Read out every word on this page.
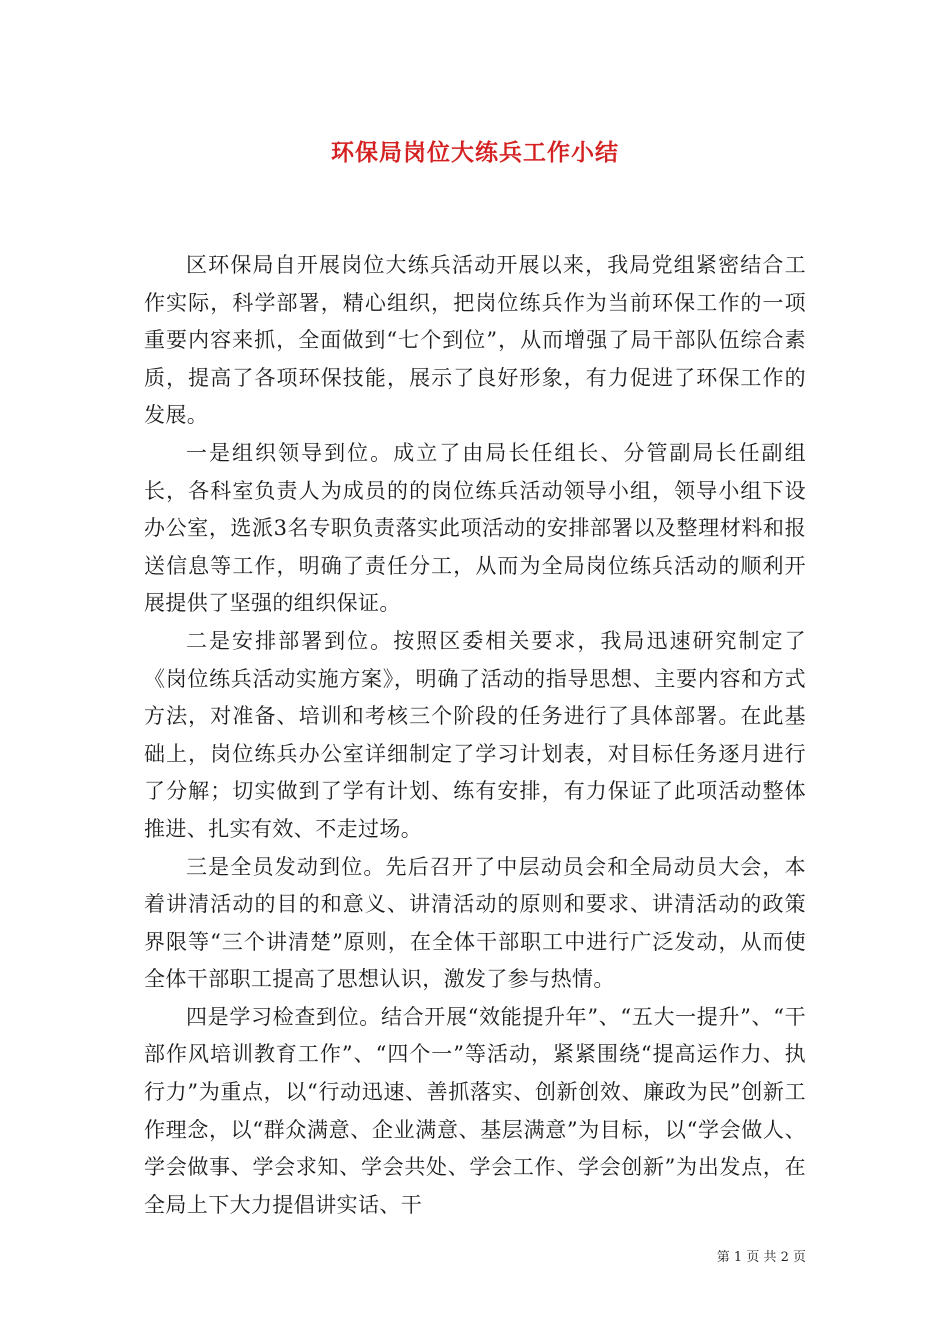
环保局岗位大练兵工作小结

区环保局自开展岗位大练兵活动开展以来，我局党组紧密结合工作实际，科学部署，精心组织，把岗位练兵作为当前环保工作的一项重要内容来抓，全面做到“七个到位”，从而增强了局干部队伍综合素质，提高了各项环保技能，展示了良好形象，有力促进了环保工作的发展。

一是组织领导到位。成立了由局长任组长、分管副局长任副组长，各科室负责人为成员的的岗位练兵活动领导小组，领导小组下设办公室，选派3名专职负责落实此项活动的安排部署以及整理材料和报送信息等工作，明确了责任分工，从而为全局岗位练兵活动的顺利开展提供了坚强的组织保证。

二是安排部署到位。按照区委相关要求，我局迅速研究制定了《岗位练兵活动实施方案》，明确了活动的指导思想、主要内容和方式方法，对准备、培训和考核三个阶段的任务进行了具体部署。在此基础上，岗位练兵办公室详细制定了学习计划表，对目标任务逐月进行了分解；切实做到了学有计划、练有安排，有力保证了此项活动整体推进、扎实有效、不走过场。

三是全员发动到位。先后召开了中层动员会和全局动员大会，本着讲清活动的目的和意义、讲清活动的原则和要求、讲清活动的政策界限等“三个讲清楚”原则，在全体干部职工中进行广泛发动，从而使全体干部职工提高了思想认识，激发了参与热情。

四是学习检查到位。结合开展“效能提升年”、“五大一提升”、“干部作风培训教育工作”、“四个一”等活动，紧紧围绕“提高运作力、执行力”为重点，以“行动迅速、善抓落实、创新创效、廉政为民”创新工作理念，以“群众满意、企业满意、基层满意”为目标，以“学会做人、学会做事、学会求知、学会共处、学会工作、学会创新”为出发点，在全局上下大力提倡讲实话、干

第 1 页 共 2 页
